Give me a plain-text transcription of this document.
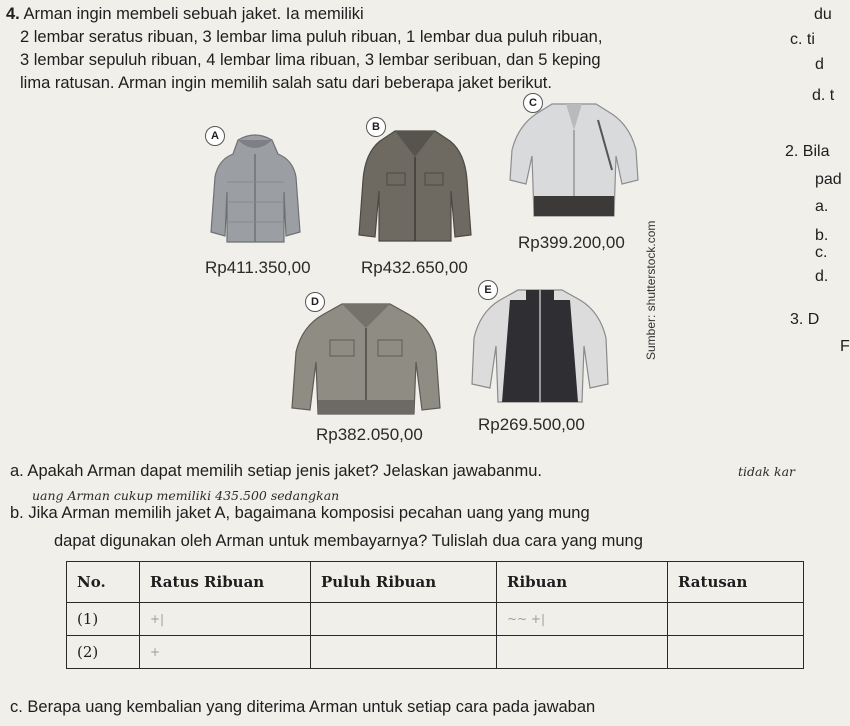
4. Arman ingin membeli sebuah jaket. Ia memiliki
2 lembar seratus ribuan, 3 lembar lima puluh ribuan, 1 lembar dua puluh ribuan,
3 lembar sepuluh ribuan, 4 lembar lima ribuan, 3 lembar seribuan, dan 5 keping
lima ratusan. Arman ingin memilih salah satu dari beberapa jaket berikut.
du
c. ti
d
d. t
2. Bila
pad
a.
b.
c.
d.
3. D
F
A
Rp411.350,00
B
Rp432.650,00
C
Rp399.200,00	Sumber: shutterstock.com
D
Rp382.050,00
E
Rp269.500,00
a. Apakah Arman dapat memilih setiap jenis jaket? Jelaskan jawabanmu.	tidak kar
uang Arman cukup memiliki 435.500 sedangkan
b. Jika Arman memilih jaket A, bagaimana komposisi pecahan uang yang mung
dapat digunakan oleh Arman untuk membayarnya? Tulislah dua cara yang mung
No.	Ratus Ribuan	Puluh Ribuan	Ribuan	Ratusan
(1)	+|		~~ +|	
(2)	+			
c. Berapa uang kembalian yang diterima Arman untuk setiap cara pada jawaban
